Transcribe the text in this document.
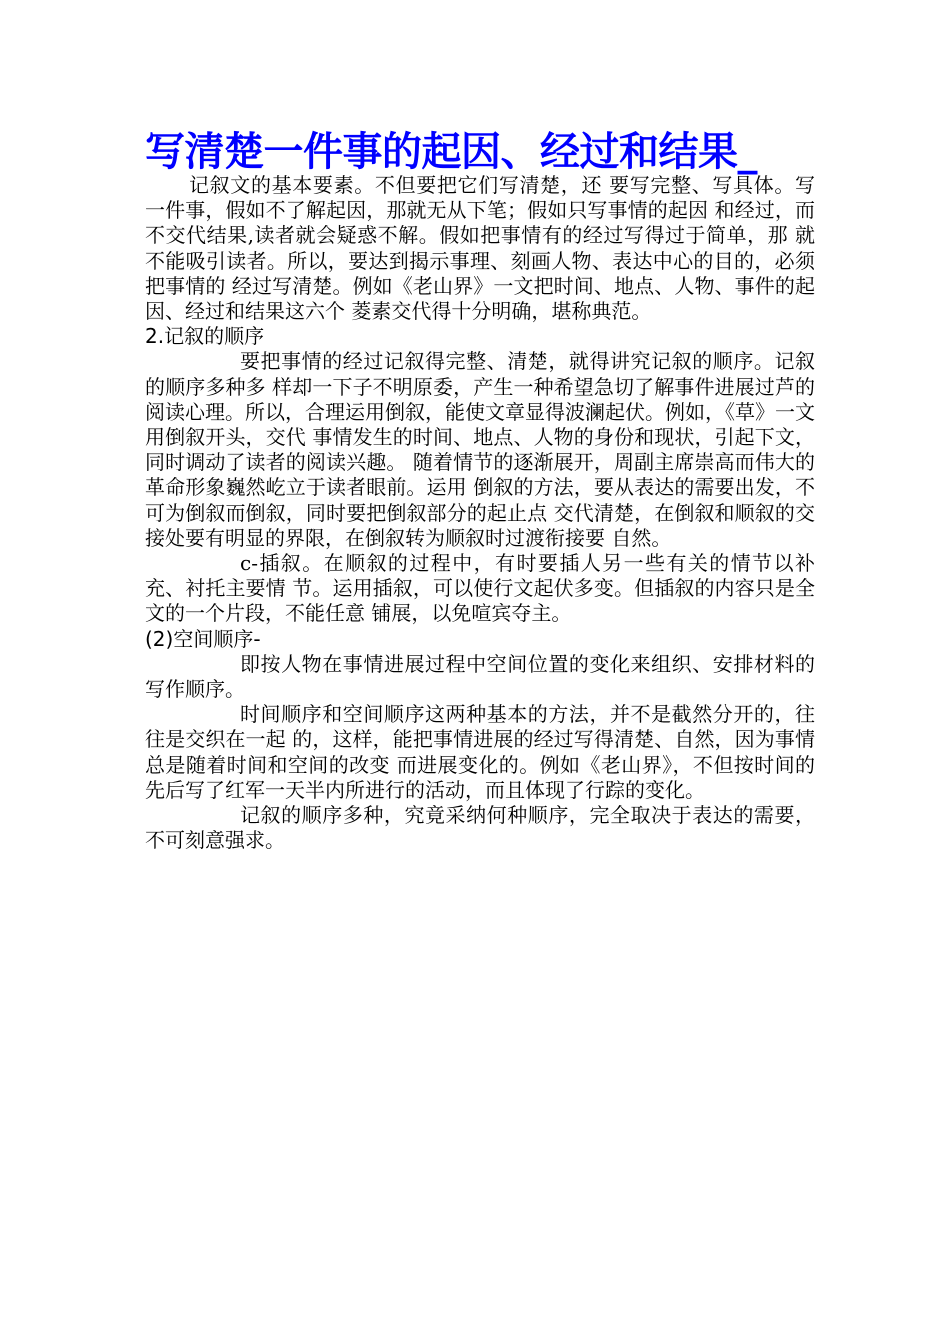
写清楚一件事的起因、经过和结果_

记叙文的基本要素。不但要把它们写清楚，还 要写完整、写具体。写一件事，假如不了解起因，那就无从下笔；假如只写事情的起因 和经过，而不交代结果,读者就会疑惑不解。假如把事情有的经过写得过于简单，那 就不能吸引读者。所以，要达到揭示事理、刻画人物、表达中心的目的，必须把事情的 经过写清楚。例如《老山界》一文把时间、地点、人物、事件的起因、经过和结果这六个 菱素交代得十分明确，堪称典范。

2.记叙的顺序

要把事情的经过记叙得完整、清楚，就得讲究记叙的顺序。记叙的顺序多种多 样却一下子不明原委，产生一种希望急切了解事件进展过芦的阅读心理。所以，合理运用倒叙，能使文章显得波澜起伏。例如，《草》一文用倒叙开头，交代 事情发生的时间、地点、人物的身份和现状，引起下文，同时调动了读者的阅读兴趣。 随着情节的逐渐展开，周副主席崇高而伟大的革命形象巍然屹立于读者眼前。运用 倒叙的方法，要从表达的需要出发，不可为倒叙而倒叙，同时要把倒叙部分的起止点 交代清楚，在倒叙和顺叙的交接处要有明显的界限，在倒叙转为顺叙时过渡衔接要 自然。

c-插叙。在顺叙的过程中，有时要插人另一些有关的情节以补充、衬托主要情 节。运用插叙，可以使行文起伏多变。但插叙的内容只是全文的一个片段，不能任意 铺展，以免喧宾夺主。

(2)空间顺序-

即按人物在事情进展过程中空间位置的变化来组织、安排材料的写作顺序。

时间顺序和空间顺序这两种基本的方法，并不是截然分开的，往往是交织在一起 的，这样，能把事情进展的经过写得清楚、自然，因为事情总是随着时间和空间的改变 而进展变化的。例如《老山界》，不但按时间的先后写了红军一天半内所进行的活动，而且体现了行踪的变化。

记叙的顺序多种，究竟采纳何种顺序，完全取决于表达的需要，不可刻意强求。
